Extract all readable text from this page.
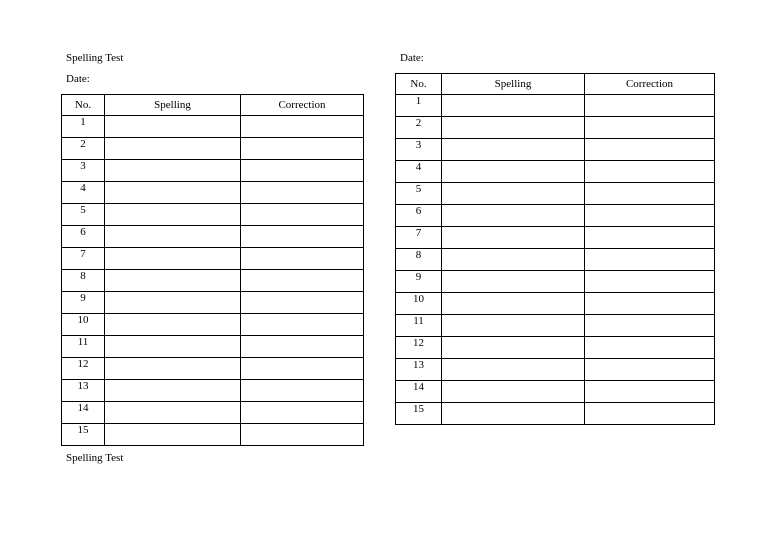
Spelling Test
Date:
No.	Spelling	Correction
1		
2		
3		
4		
5		
6		
7		
8		
9		
10		
11		
12		
13		
14		
15		
Spelling Test
Date:
No.	Spelling	Correction
1		
2		
3		
4		
5		
6		
7		
8		
9		
10		
11		
12		
13		
14		
15		
